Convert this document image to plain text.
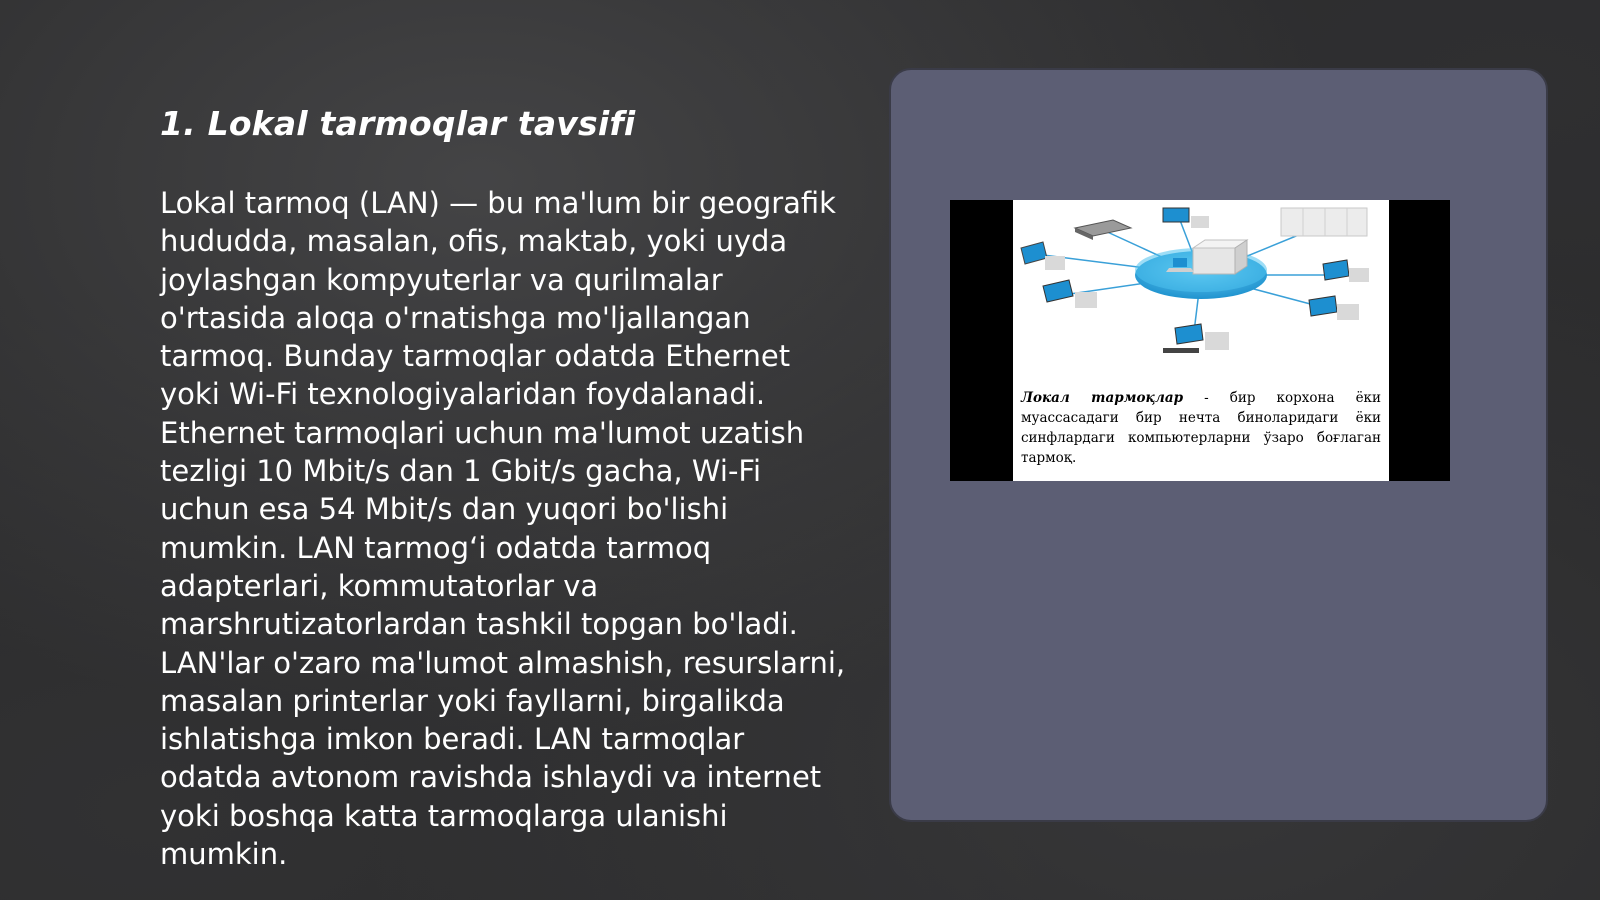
1. Lokal tarmoqlar tavsifi

Lokal tarmoq (LAN) — bu ma'lum bir geografik hududda, masalan, ofis, maktab, yoki uyda joylashgan kompyuterlar va qurilmalar o'rtasida aloqa o'rnatishga mo'ljallangan tarmoq. Bunday tarmoqlar odatda Ethernet yoki Wi-Fi texnologiyalaridan foydalanadi. Ethernet tarmoqlari uchun ma'lumot uzatish tezligi 10 Mbit/s dan 1 Gbit/s gacha, Wi-Fi uchun esa 54 Mbit/s dan yuqori bo'lishi mumkin. LAN tarmog‘i odatda tarmoq adapterlari, kommutatorlar va marshrutizatorlardan tashkil topgan bo'ladi. LAN'lar o'zaro ma'lumot almashish, resurslarni, masalan printerlar yoki fayllarni, birgalikda ishlatishga imkon beradi. LAN tarmoqlar odatda avtonom ravishda ishlaydi va internet yoki boshqa katta tarmoqlarga ulanishi mumkin.

Локал тармоқлар - бир корхона ёки муассасадаги бир нечта биноларидаги ёки синфлардаги компьютерларни ўзаро боғлаган тармоқ.
